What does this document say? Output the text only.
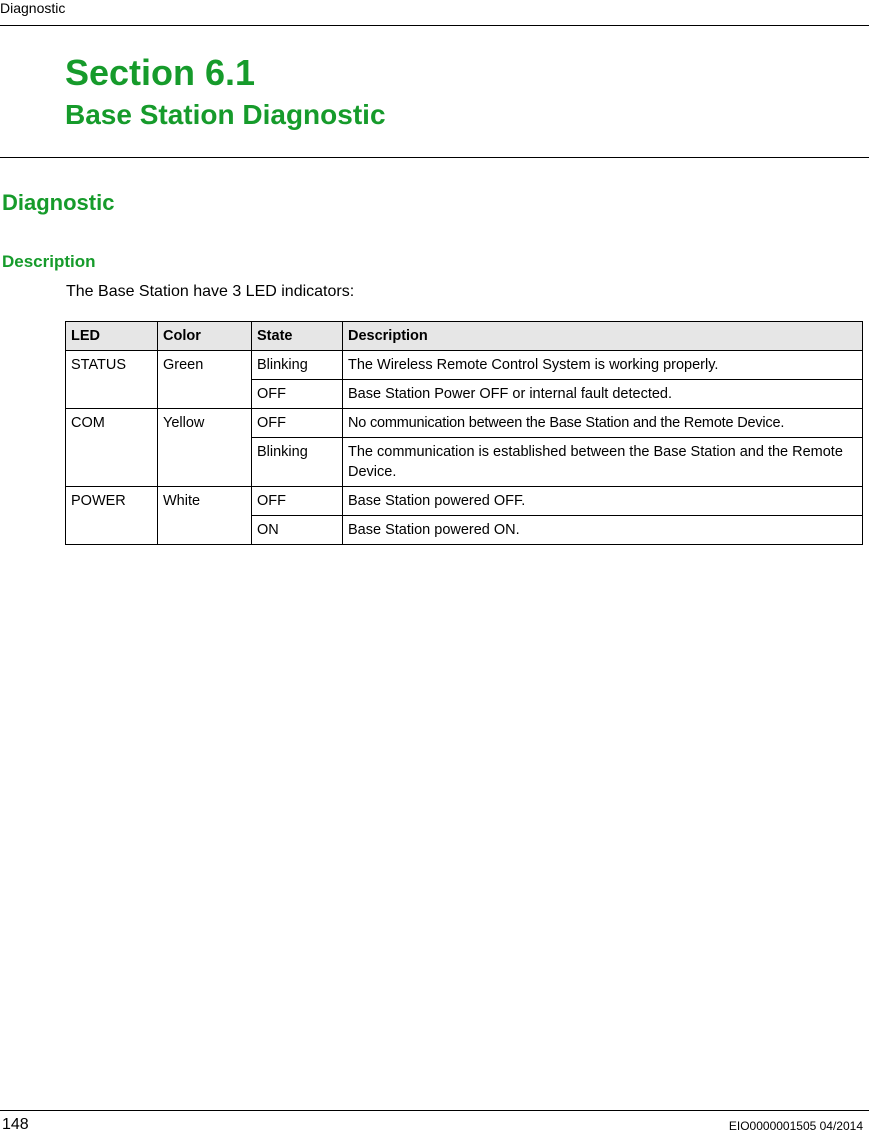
Diagnostic
Section 6.1
Base Station Diagnostic
Diagnostic
Description

The Base Station have 3 LED indicators:

LED	Color	State	Description
STATUS	Green	Blinking	The Wireless Remote Control System is working properly.
		OFF	Base Station Power OFF or internal fault detected.
COM	Yellow	OFF	No communication between the Base Station and the Remote Device.
		Blinking	The communication is established between the Base Station and the Remote Device.
POWER	White	OFF	Base Station powered OFF.
		ON	Base Station powered ON.
148	EIO0000001505 04/2014
